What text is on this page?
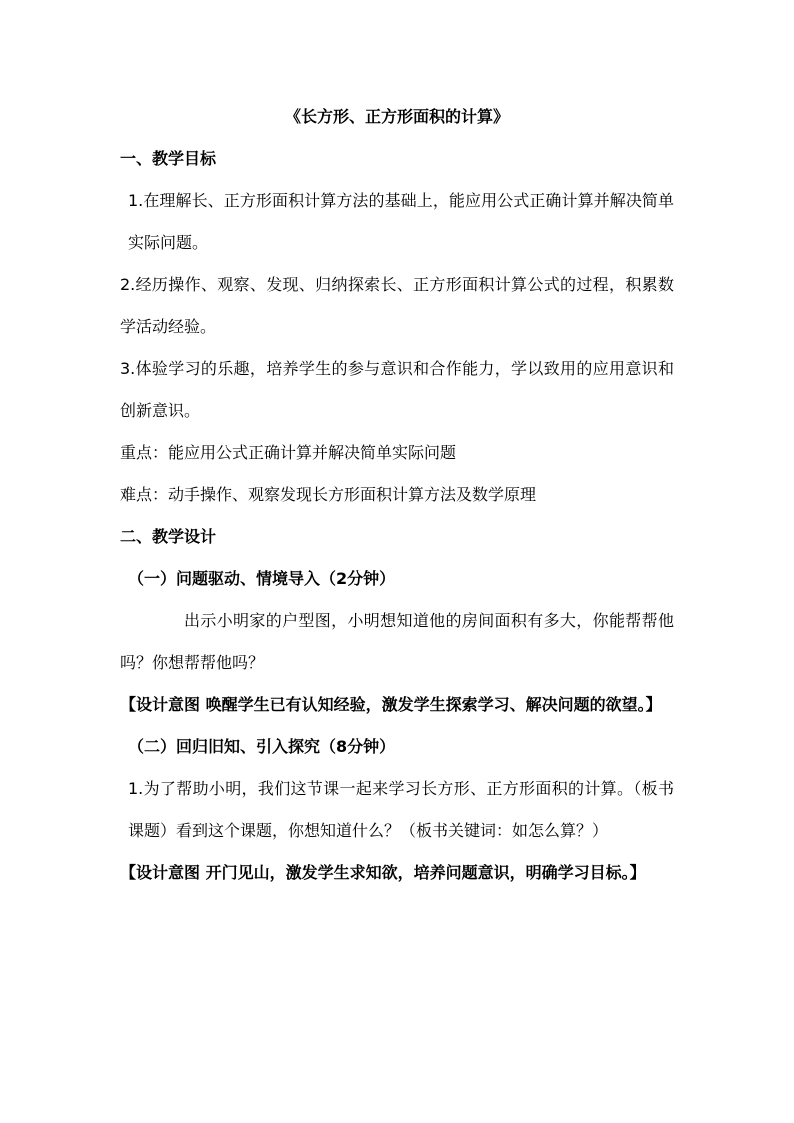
《长方形、正方形面积的计算》

一、教学目标

1.在理解长、正方形面积计算方法的基础上，能应用公式正确计算并解决简单实际问题。

2.经历操作、观察、发现、归纳探索长、正方形面积计算公式的过程，积累数学活动经验。

3.体验学习的乐趣，培养学生的参与意识和合作能力，学以致用的应用意识和创新意识。

重点：能应用公式正确计算并解决简单实际问题

难点：动手操作、观察发现长方形面积计算方法及数学原理

二、教学设计

（一）问题驱动、情境导入（2分钟）

出示小明家的户型图，小明想知道他的房间面积有多大，你能帮帮他吗？你想帮帮他吗？

【设计意图 唤醒学生已有认知经验，激发学生探索学习、解决问题的欲望。】

（二）回归旧知、引入探究（8分钟）

1.为了帮助小明，我们这节课一起来学习长方形、正方形面积的计算。（板书课题）看到这个课题，你想知道什么？（板书关键词：如怎么算？）

【设计意图 开门见山，激发学生求知欲，培养问题意识，明确学习目标。】
